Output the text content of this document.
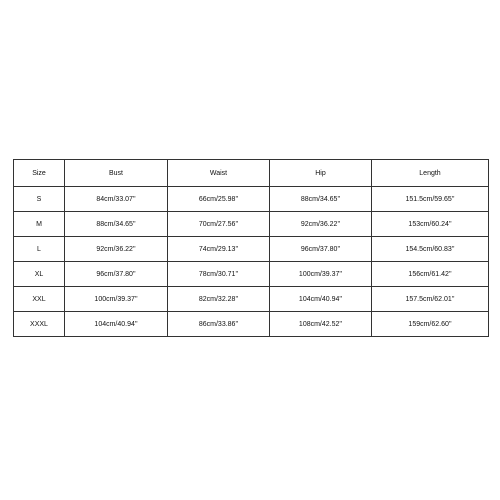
Size	Bust	Waist	Hip	Length
S	84cm/33.07''	66cm/25.98''	88cm/34.65''	151.5cm/59.65''
M	88cm/34.65''	70cm/27.56''	92cm/36.22''	153cm/60.24''
L	92cm/36.22''	74cm/29.13''	96cm/37.80''	154.5cm/60.83''
XL	96cm/37.80''	78cm/30.71''	100cm/39.37''	156cm/61.42''
XXL	100cm/39.37''	82cm/32.28''	104cm/40.94''	157.5cm/62.01''
XXXL	104cm/40.94''	86cm/33.86''	108cm/42.52''	159cm/62.60''
